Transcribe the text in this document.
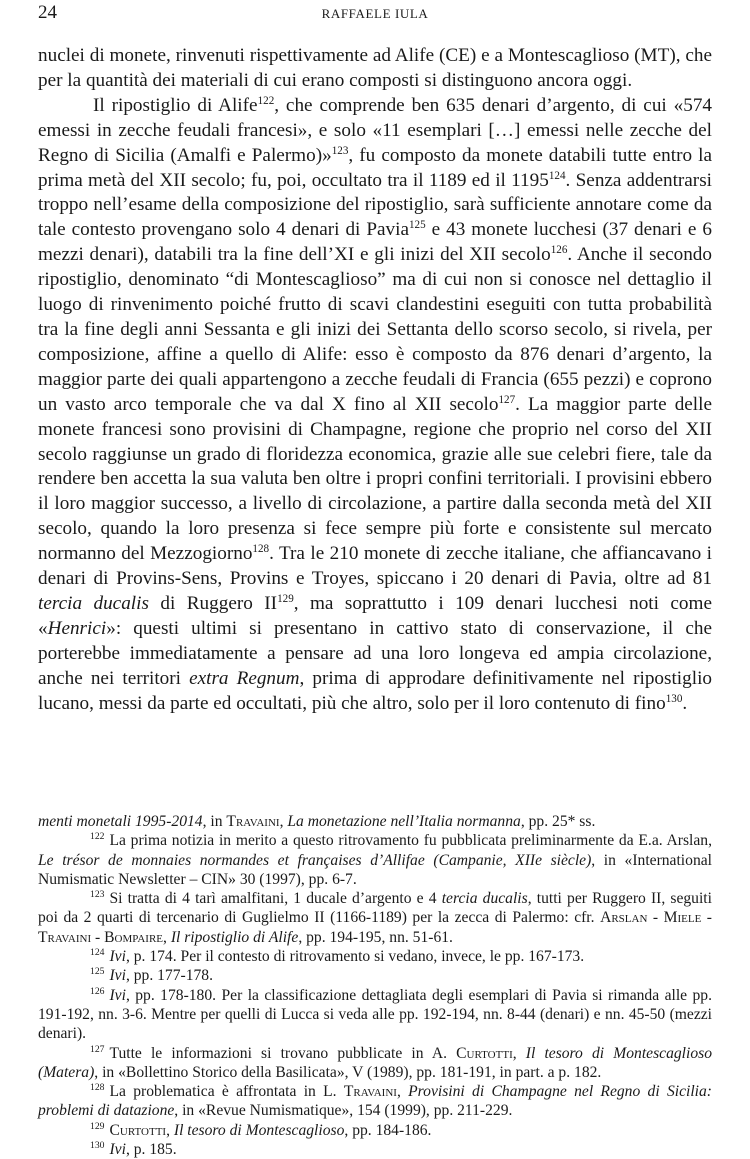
24	RAFFAELE IULA

nuclei di monete, rinvenuti rispettivamente ad Alife (CE) e a Montescaglioso (MT), che per la quantità dei materiali di cui erano composti si distinguono ancora oggi.

Il ripostiglio di Alife$^{122}$, che comprende ben 635 denari d’argento, di cui «574 emessi in zecche feudali francesi», e solo «11 esemplari […] emessi nelle zecche del Regno di Sicilia (Amalfi e Palermo)»$^{123}$, fu composto da monete databili tutte entro la prima metà del XII secolo; fu, poi, occultato tra il 1189 ed il 1195$^{124}$. Senza addentrarsi troppo nell’esame della composizione del ripostiglio, sarà sufficiente annotare come da tale contesto provengano solo 4 denari di Pavia$^{125}$ e 43 monete lucchesi (37 denari e 6 mezzi denari), databili tra la fine dell’XI e gli inizi del XII secolo$^{126}$. Anche il secondo ripostiglio, denominato “di Montescaglioso” ma di cui non si conosce nel dettaglio il luogo di rinvenimento poiché frutto di scavi clandestini eseguiti con tutta probabilità tra la fine degli anni Sessanta e gli inizi dei Settanta dello scorso secolo, si rivela, per composizione, affine a quello di Alife: esso è composto da 876 denari d’argento, la maggior parte dei quali appartengono a zecche feudali di Francia (655 pezzi) e coprono un vasto arco temporale che va dal X fino al XII secolo$^{127}$. La maggior parte delle monete francesi sono provisini di Champagne, regione che proprio nel corso del XII secolo raggiunse un grado di floridezza economica, grazie alle sue celebri fiere, tale da rendere ben accetta la sua valuta ben oltre i propri confini territoriali. I provisini ebbero il loro maggior successo, a livello di circolazione, a partire dalla seconda metà del XII secolo, quando la loro presenza si fece sempre più forte e consistente sul mercato normanno del Mezzogiorno$^{128}$. Tra le 210 monete di zecche italiane, che affiancavano i denari di Provins-Sens, Provins e Troyes, spiccano i 20 denari di Pavia, oltre ad 81 tercia ducalis di Ruggero II$^{129}$, ma soprattutto i 109 denari lucchesi noti come «Henrici»: questi ultimi si presentano in cattivo stato di conservazione, il che porterebbe immediatamente a pensare ad una loro longeva ed ampia circolazione, anche nei territori extra Regnum, prima di approdare definitivamente nel ripostiglio lucano, messi da parte ed occultati, più che altro, solo per il loro contenuto di fino$^{130}$.

menti monetali 1995-2014, in Travaini, La monetazione nell’Italia normanna, pp. 25* ss.

$^{122}$ La prima notizia in merito a questo ritrovamento fu pubblicata preliminarmente da E.a. Arslan, Le trésor de monnaies normandes et françaises d’Allifae (Campanie, XIIe siècle), in «International Numismatic Newsletter – CIN» 30 (1997), pp. 6-7.

$^{123}$ Si tratta di 4 tarì amalfitani, 1 ducale d’argento e 4 tercia ducalis, tutti per Ruggero II, seguiti poi da 2 quarti di tercenario di Guglielmo II (1166-1189) per la zecca di Palermo: cfr. Arslan - Miele - Travaini - Bompaire, Il ripostiglio di Alife, pp. 194-195, nn. 51-61.

$^{124}$ Ivi, p. 174. Per il contesto di ritrovamento si vedano, invece, le pp. 167-173.

$^{125}$ Ivi, pp. 177-178.

$^{126}$ Ivi, pp. 178-180. Per la classificazione dettagliata degli esemplari di Pavia si rimanda alle pp. 191-192, nn. 3-6. Mentre per quelli di Lucca si veda alle pp. 192-194, nn. 8-44 (denari) e nn. 45-50 (mezzi denari).

$^{127}$ Tutte le informazioni si trovano pubblicate in A. Curtotti, Il tesoro di Montescaglioso (Matera), in «Bollettino Storico della Basilicata», V (1989), pp. 181-191, in part. a p. 182.

$^{128}$ La problematica è affrontata in L. Travaini, Provisini di Champagne nel Regno di Sicilia: problemi di datazione, in «Revue Numismatique», 154 (1999), pp. 211-229.

$^{129}$ Curtotti, Il tesoro di Montescaglioso, pp. 184-186.

$^{130}$ Ivi, p. 185.
